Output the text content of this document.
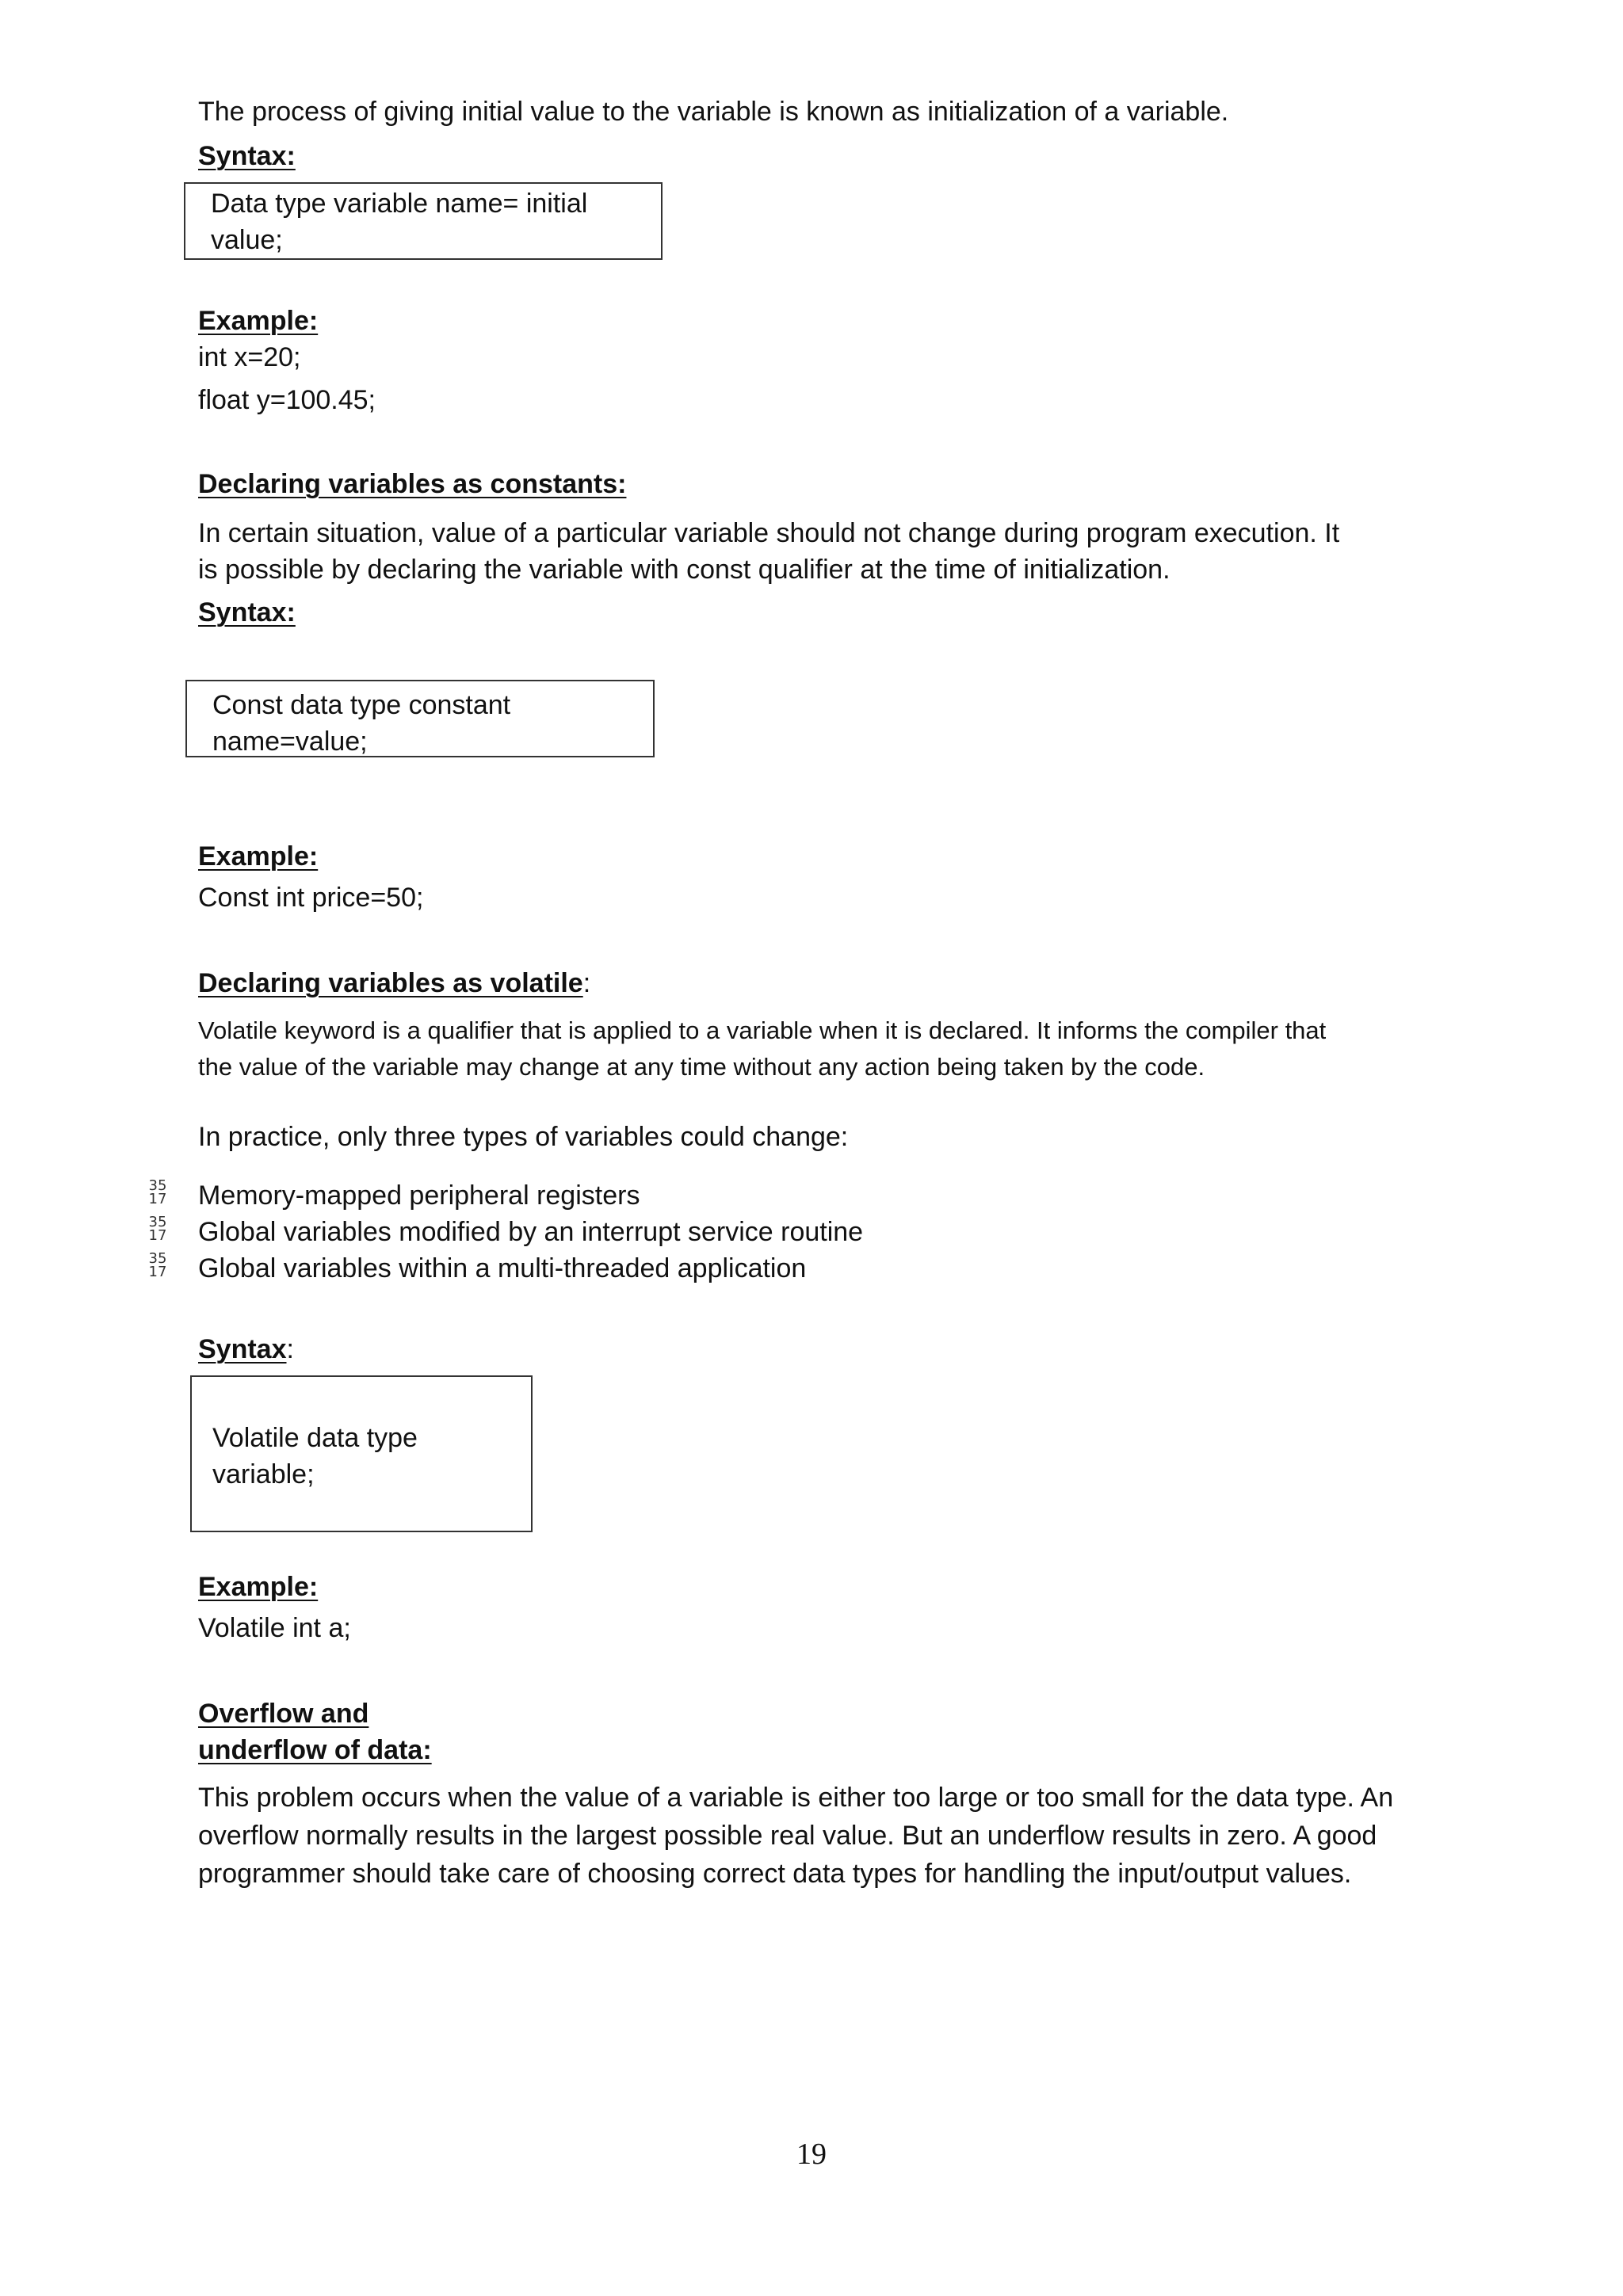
The process of giving initial value to the variable is known as initialization of a variable.

Syntax:

Data type variable name= initial
value;

Example:

int x=20;

float y=100.45;

Declaring variables as constants:

In certain situation, value of a particular variable should not change during program execution. It

is possible by declaring the variable with const qualifier at the time of initialization.

Syntax:

Const data type constant
name=value;

Example:

Const int price=50;

Declaring variables as volatile:

Volatile keyword is a qualifier that is applied to a variable when it is declared. It informs the compiler that

the value of the variable may change at any time without any action being taken by the code.

In practice, only three types of variables could change:

35
17 Memory-mapped peripheral registers

35
17 Global variables modified by an interrupt service routine

35
17 Global variables within a multi-threaded application

Syntax:

Volatile data type
variable;

Example:

Volatile int a;

Overflow and

underflow of data:

This problem occurs when the value of a variable is either too large or too small for the data type. An

overflow normally results in the largest possible real value. But an underflow results in zero. A good

programmer should take care of choosing correct data types for handling the input/output values.

19
